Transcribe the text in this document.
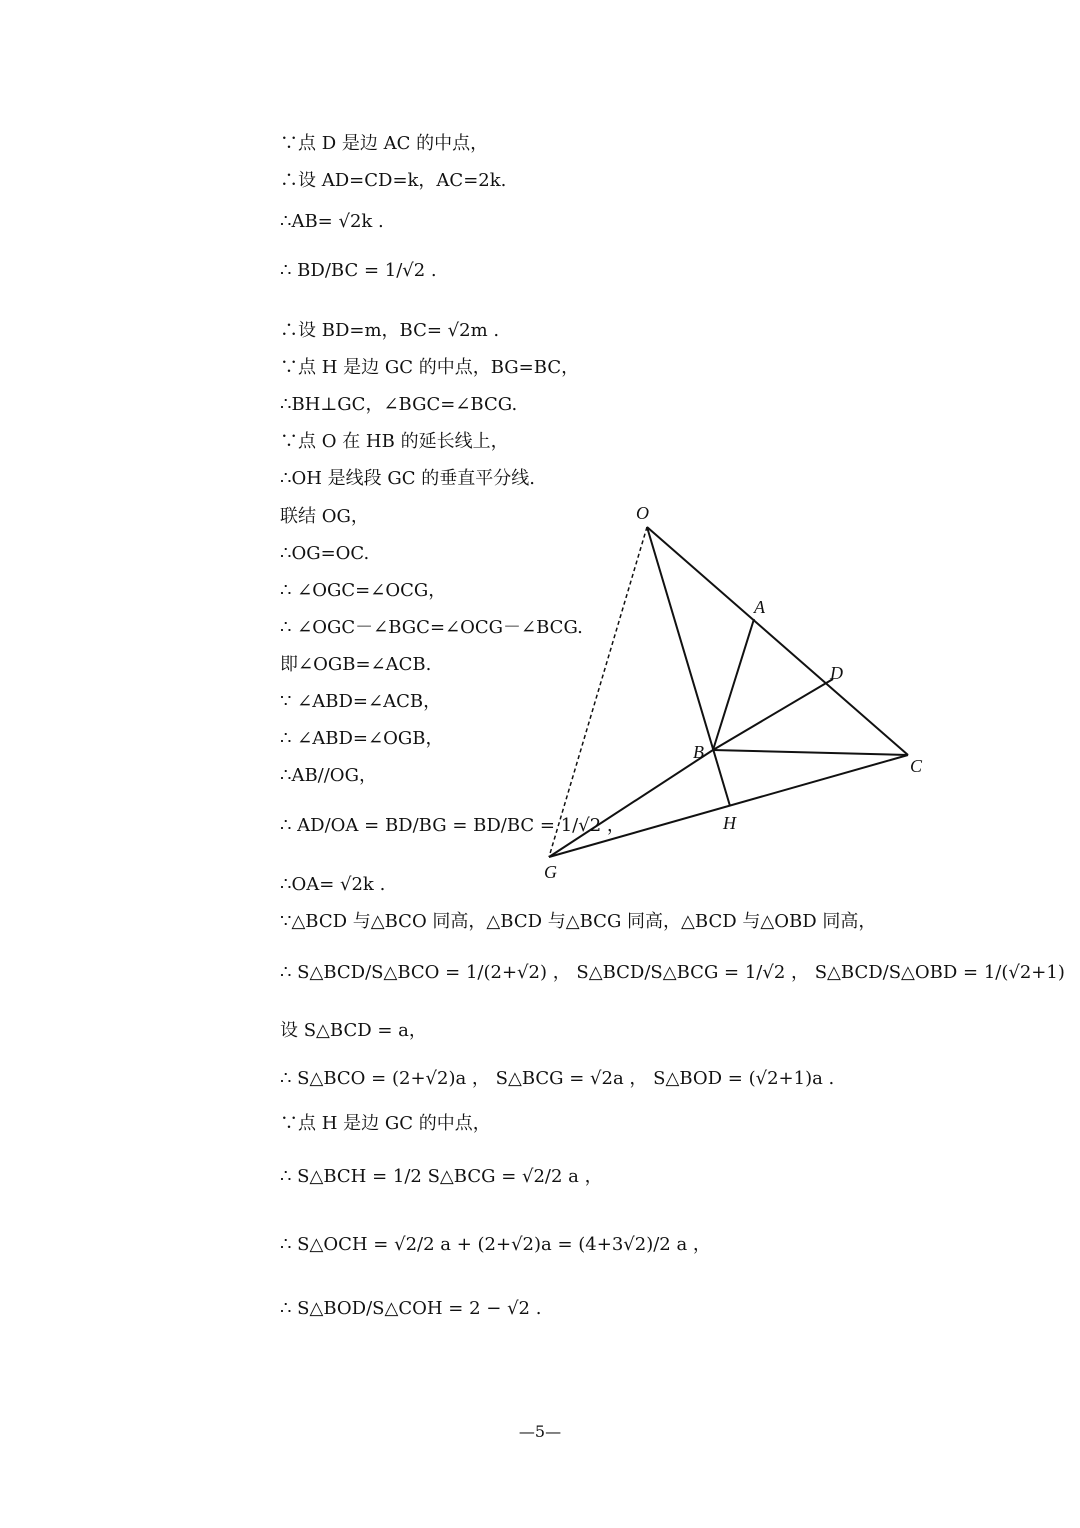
∵点 D 是边 AC 的中点，
∴设 AD=CD=k，AC=2k.
∴AB= √2k .
∴ BD/BC = 1/√2 .
∴设 BD=m，BC= √2m .
∵点 H 是边 GC 的中点，BG=BC，
∴BH⊥GC，∠BGC=∠BCG.
∵点 O 在 HB 的延长线上，
∴OH 是线段 GC 的垂直平分线.
联结 OG，
∴OG=OC.
∴ ∠OGC=∠OCG，
∴ ∠OGC－∠BGC=∠OCG－∠BCG.
即∠OGB=∠ACB.
∵ ∠ABD=∠ACB，
∴ ∠ABD=∠OGB，
∴AB//OG，
∴ AD/OA = BD/BG = BD/BC = 1/√2 ，
∴OA= √2k .
∵△BCD 与△BCO 同高，△BCD 与△BCG 同高，△BCD 与△OBD 同高，
∴ S△BCD/S△BCO = 1/(2+√2) ， S△BCD/S△BCG = 1/√2 ， S△BCD/S△OBD = 1/(√2+1)
设 S△BCD = a，
∴ S△BCO = (2+√2)a ， S△BCG = √2a ， S△BOD = (√2+1)a .
∵点 H 是边 GC 的中点，
∴ S△BCH = 1/2 S△BCG = √2/2 a ，
∴ S△OCH = √2/2 a + (2+√2)a = (4+3√2)/2 a ，
∴ S△BOD/S△COH = 2 − √2 .
O
A
D
B
C
H
G
—5—
